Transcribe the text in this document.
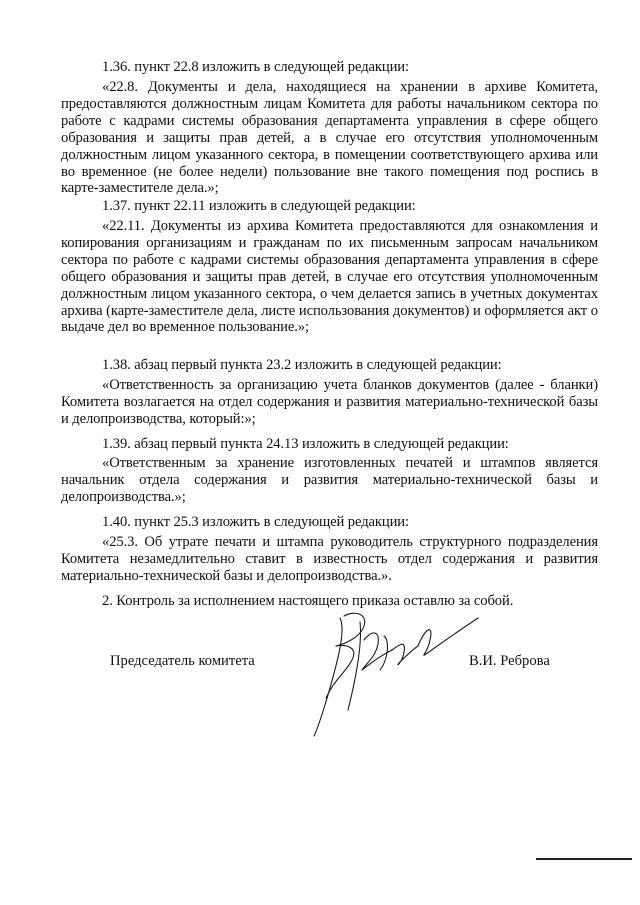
1.36. пункт 22.8 изложить в следующей редакции:

«22.8. Документы и дела, находящиеся на хранении в архиве Комитета, предоставляются должностным лицам Комитета для работы начальником сектора по работе с кадрами системы образования департамента управления в сфере общего образования и защиты прав детей, а в случае его отсутствия уполномоченным должностным лицом указанного сектора, в помещении соответствующего архива или во временное (не более недели) пользование вне такого помещения под роспись в карте-заместителе дела.»;

1.37. пункт 22.11 изложить в следующей редакции:

«22.11. Документы из архива Комитета предоставляются для ознакомления и копирования организациям и гражданам по их письменным запросам начальником сектора по работе с кадрами системы образования департамента управления в сфере общего образования и защиты прав детей, в случае его отсутствия уполномоченным должностным лицом указанного сектора, о чем делается запись в учетных документах архива (карте-заместителе дела, листе использования документов) и оформляется акт о выдаче дел во временное пользование.»;

1.38. абзац первый пункта 23.2 изложить в следующей редакции:

«Ответственность за организацию учета бланков документов (далее - бланки) Комитета возлагается на отдел содержания и развития материально-технической базы и делопроизводства, который:»;

1.39. абзац первый пункта 24.13 изложить в следующей редакции:

«Ответственным за хранение изготовленных печатей и штампов является начальник отдела содержания и развития материально-технической базы и делопроизводства.»;

1.40. пункт 25.3 изложить в следующей редакции:

«25.3. Об утрате печати и штампа руководитель структурного подразделения Комитета незамедлительно ставит в известность отдел содержания и развития материально-технической базы и делопроизводства.».

2. Контроль за исполнением настоящего приказа оставлю за собой.

Председатель комитета	В.И. Реброва
